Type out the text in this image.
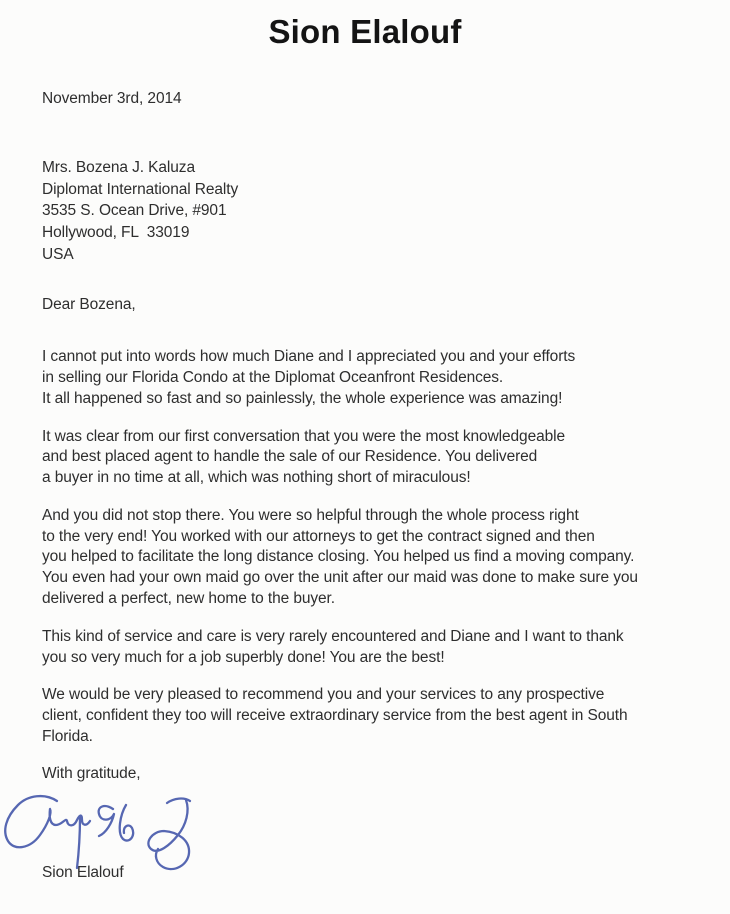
Sion Elalouf
November 3rd, 2014
Mrs. Bozena J. Kaluza
Diplomat International Realty
3535 S. Ocean Drive, #901
Hollywood, FL  33019
USA
Dear Bozena,

I cannot put into words how much Diane and I appreciated you and your efforts
in selling our Florida Condo at the Diplomat Oceanfront Residences.
It all happened so fast and so painlessly, the whole experience was amazing!

It was clear from our first conversation that you were the most knowledgeable
and best placed agent to handle the sale of our Residence. You delivered
a buyer in no time at all, which was nothing short of miraculous!

And you did not stop there. You were so helpful through the whole process right
to the very end! You worked with our attorneys to get the contract signed and then
you helped to facilitate the long distance closing. You helped us find a moving company.
You even had your own maid go over the unit after our maid was done to make sure you
delivered a perfect, new home to the buyer.

This kind of service and care is very rarely encountered and Diane and I want to thank
you so very much for a job superbly done! You are the best!

We would be very pleased to recommend you and your services to any prospective
client, confident they too will receive extraordinary service from the best agent in South
Florida.

With gratitude,
Sion Elalouf
